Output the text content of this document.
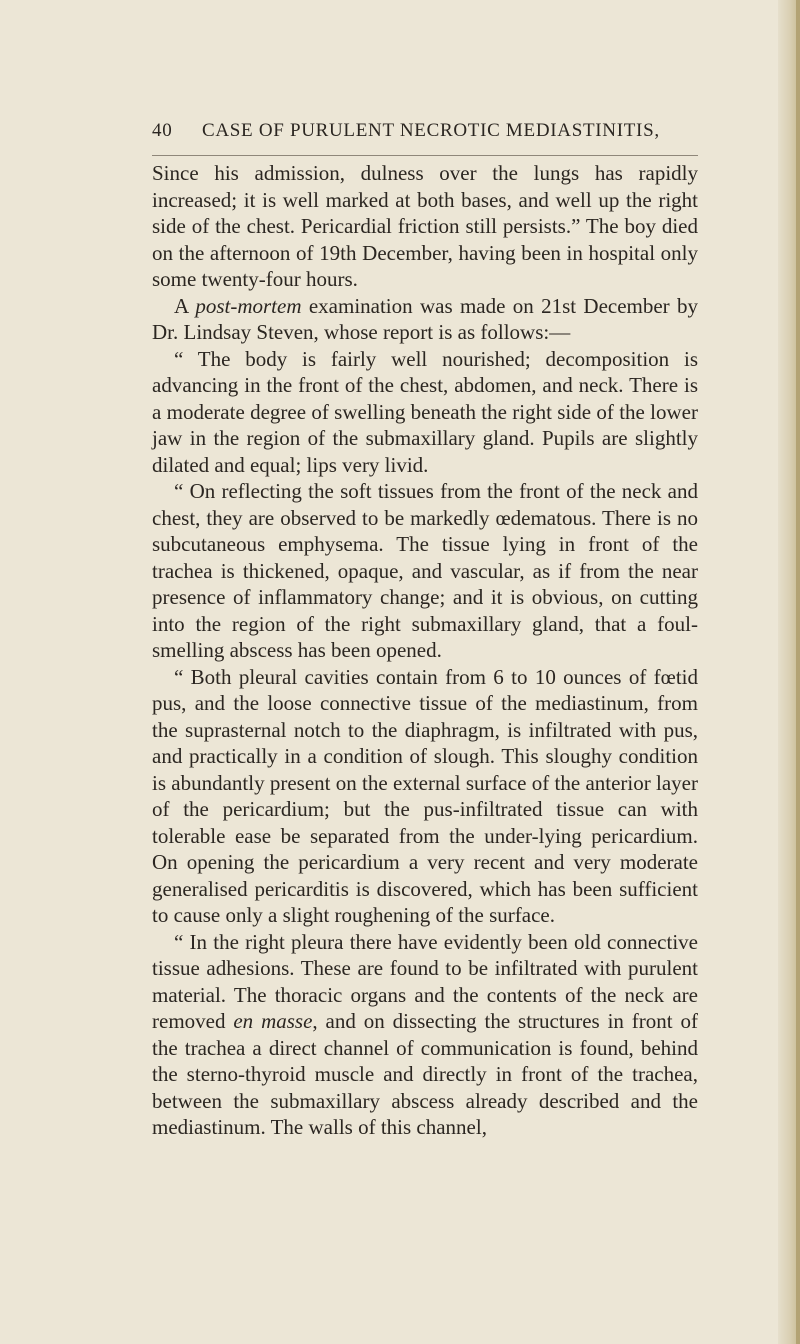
40 CASE OF PURULENT NECROTIC MEDIASTINITIS,

Since his admission, dulness over the lungs has rapidly increased; it is well marked at both bases, and well up the right side of the chest. Pericardial friction still persists.” The boy died on the afternoon of 19th December, having been in hospital only some twenty-four hours.

A post-mortem examination was made on 21st December by Dr. Lindsay Steven, whose report is as follows:—

“ The body is fairly well nourished; decomposition is advancing in the front of the chest, abdomen, and neck. There is a moderate degree of swelling beneath the right side of the lower jaw in the region of the submaxillary gland. Pupils are slightly dilated and equal; lips very livid.

“ On reflecting the soft tissues from the front of the neck and chest, they are observed to be markedly œdematous. There is no subcutaneous emphysema. The tissue lying in front of the trachea is thickened, opaque, and vascular, as if from the near presence of inflammatory change; and it is obvious, on cutting into the region of the right submaxillary gland, that a foul-smelling abscess has been opened.

“ Both pleural cavities contain from 6 to 10 ounces of fœtid pus, and the loose connective tissue of the mediastinum, from the suprasternal notch to the diaphragm, is infiltrated with pus, and practically in a condition of slough. This sloughy condition is abundantly present on the external surface of the anterior layer of the pericardium; but the pus-infiltrated tissue can with tolerable ease be separated from the under-lying pericardium. On opening the pericardium a very recent and very moderate generalised pericarditis is discovered, which has been sufficient to cause only a slight roughening of the surface.

“ In the right pleura there have evidently been old connective tissue adhesions. These are found to be infiltrated with purulent material. The thoracic organs and the contents of the neck are removed en masse, and on dissecting the structures in front of the trachea a direct channel of communication is found, behind the sterno-thyroid muscle and directly in front of the trachea, between the submaxillary abscess already described and the mediastinum. The walls of this channel,
